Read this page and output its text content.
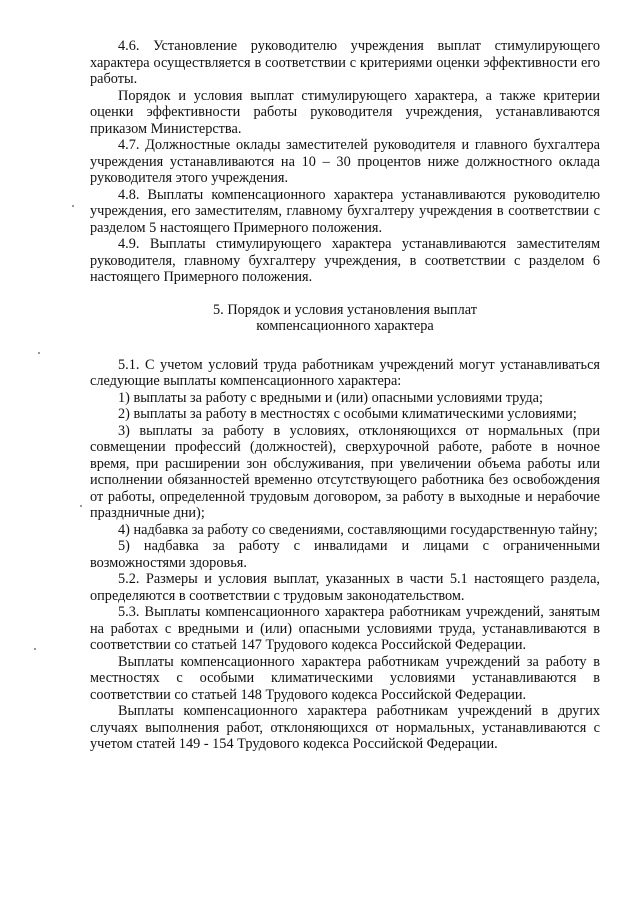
4.6. Установление руководителю учреждения выплат стимулирующего характера осуществляется в соответствии с критериями оценки эффективности его работы.

Порядок и условия выплат стимулирующего характера, а также критерии оценки эффективности работы руководителя учреждения, устанавливаются приказом Министерства.

4.7. Должностные оклады заместителей руководителя и главного бухгалтера учреждения устанавливаются на 10 – 30 процентов ниже должностного оклада руководителя этого учреждения.

4.8. Выплаты компенсационного характера устанавливаются руководителю учреждения, его заместителям, главному бухгалтеру учреждения в соответствии с разделом 5 настоящего Примерного положения.

4.9. Выплаты стимулирующего характера устанавливаются заместителям руководителя, главному бухгалтеру учреждения, в соответствии с разделом 6 настоящего Примерного положения.

5. Порядок и условия установления выплат

компенсационного характера

5.1. С учетом условий труда работникам учреждений могут устанавливаться следующие выплаты компенсационного характера:

1) выплаты за работу с вредными и (или) опасными условиями труда;

2) выплаты за работу в местностях с особыми климатическими условиями;

3) выплаты за работу в условиях, отклоняющихся от нормальных (при совмещении профессий (должностей), сверхурочной работе, работе в ночное время, при расширении зон обслуживания, при увеличении объема работы или исполнении обязанностей временно отсутствующего работника без освобождения от работы, определенной трудовым договором, за работу в выходные и нерабочие праздничные дни);

4) надбавка за работу со сведениями, составляющими государственную тайну;

5) надбавка за работу с инвалидами и лицами с ограниченными возможностями здоровья.

5.2. Размеры и условия выплат, указанных в части 5.1 настоящего раздела, определяются в соответствии с трудовым законодательством.

5.3. Выплаты компенсационного характера работникам учреждений, занятым на работах с вредными и (или) опасными условиями труда, устанавливаются в соответствии со статьей 147 Трудового кодекса Российской Федерации.

Выплаты компенсационного характера работникам учреждений за работу в местностях с особыми климатическими условиями устанавливаются в соответствии со статьей 148 Трудового кодекса Российской Федерации.

Выплаты компенсационного характера работникам учреждений в других случаях выполнения работ, отклоняющихся от нормальных, устанавливаются с учетом статей 149 - 154 Трудового кодекса Российской Федерации.
